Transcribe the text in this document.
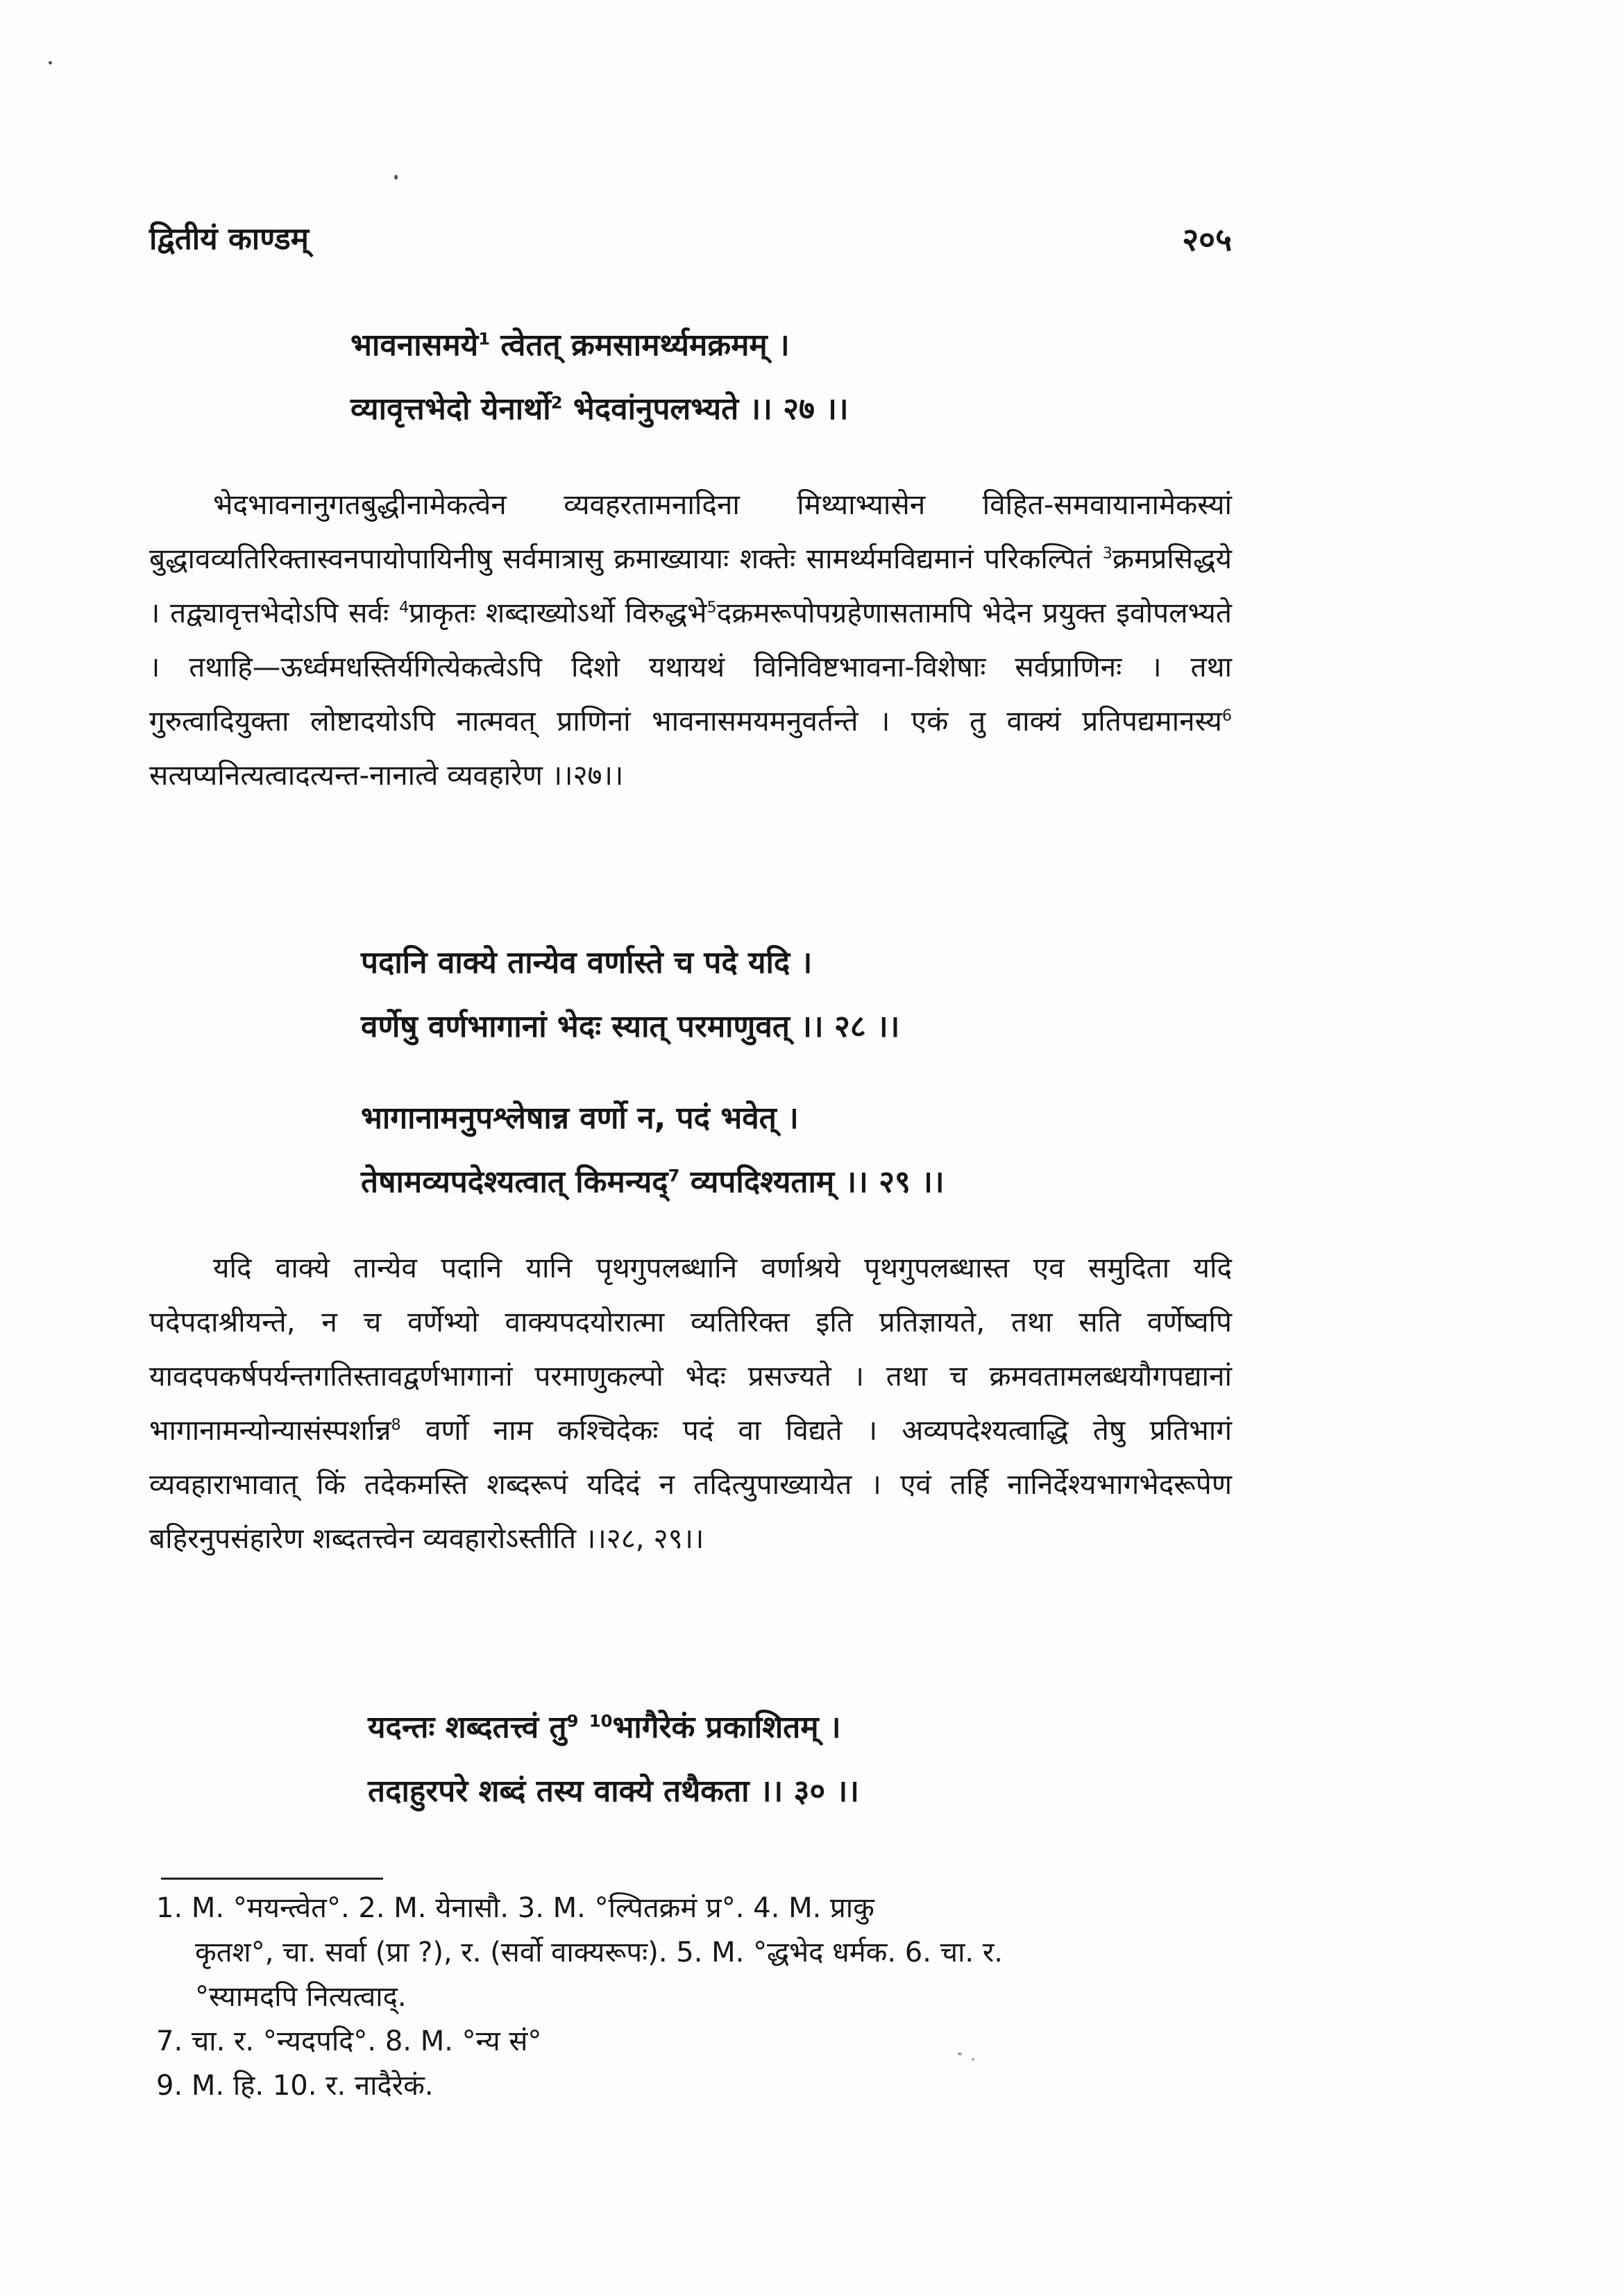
द्वितीयं काण्डम्	२०५
भावनासमये$^1$ त्वेतत् क्रमसामर्थ्यमक्रमम् ।
व्यावृत्तभेदो येनार्थो$^2$ भेदवांनुपलभ्यते ।। २७ ।।

भेदभावनानुगतबुद्धीनामेकत्वेन व्यवहरतामनादिना मिथ्याभ्यासेन विहित-समवायानामेकस्यां बुद्धावव्यतिरिक्तास्वनपायोपायिनीषु सर्वमात्रासु क्रमाख्यायाः शक्तेः सामर्थ्यमविद्यमानं परिकल्पितं $^3$क्रमप्रसिद्धये । तद्व्यावृत्तभेदोऽपि सर्वः $^4$प्राकृतः शब्दाख्योऽर्थो विरुद्धभे$^5$दक्रमरूपोपग्रहेणासतामपि भेदेन प्रयुक्त इवोपलभ्यते । तथाहि—ऊर्ध्वमधस्तिर्यगित्येकत्वेऽपि दिशो यथायथं विनिविष्टभावना-विशेषाः सर्वप्राणिनः । तथा गुरुत्वादियुक्ता लोष्टादयोऽपि नात्मवत् प्राणिनां भावनासमयमनुवर्तन्ते । एकं तु वाक्यं प्रतिपद्यमानस्य$^6$ सत्यप्यनित्यत्वादत्यन्त-नानात्वे व्यवहारेण ।।२७।।

पदानि वाक्ये तान्येव वर्णास्ते च पदे यदि ।
वर्णेषु वर्णभागानां भेदः स्यात् परमाणुवत् ।। २८ ।।
भागानामनुपश्लेषान्न वर्णो न, पदं भवेत् ।
तेषामव्यपदेश्यत्वात् किमन्यद्$^7$ व्यपदिश्यताम् ।। २९ ।।

यदि वाक्ये तान्येव पदानि यानि पृथगुपलब्धानि वर्णाश्रये पृथगुपलब्धास्त एव समुदिता यदि पदेपदाश्रीयन्ते, न च वर्णेभ्यो वाक्यपदयोरात्मा व्यतिरिक्त इति प्रतिज्ञायते, तथा सति वर्णेष्वपि यावदपकर्षपर्यन्तगतिस्तावद्वर्णभागानां परमाणुकल्पो भेदः प्रसज्यते । तथा च क्रमवतामलब्धयौगपद्यानां भागानामन्योन्यासंस्पर्शान्न$^8$ वर्णो नाम कश्चिदेकः पदं वा विद्यते । अव्यपदेश्यत्वाद्धि तेषु प्रतिभागं व्यवहाराभावात् किं तदेकमस्ति शब्दरूपं यदिदं न तदित्युपाख्यायेत । एवं तर्हि नानिर्देश्यभागभेदरूपेण बहिरनुपसंहारेण शब्दतत्त्वेन व्यवहारोऽस्तीति ।।२८, २९।।

यदन्तः शब्दतत्त्वं तु$^9$ $^{10}$भागैरेकं प्रकाशितम् ।
तदाहुरपरे शब्दं तस्य वाक्ये तथैकता ।। ३० ।।
1. M. °मयन्त्वेत°. 2. M. येनासौ. 3. M. °ल्पितक्रमं प्र°. 4. M. प्राकु
कृतश°, चा. सर्वा (प्रा ?), र. (सर्वो वाक्यरूपः). 5. M. °द्धभेद धर्मक. 6. चा. र.
°स्यामदपि नित्यत्वाद्.
7. चा. र. °न्यदपदि°. 8. M. °न्य सं°
9. M. हि. 10. र. नादैरेकं.
